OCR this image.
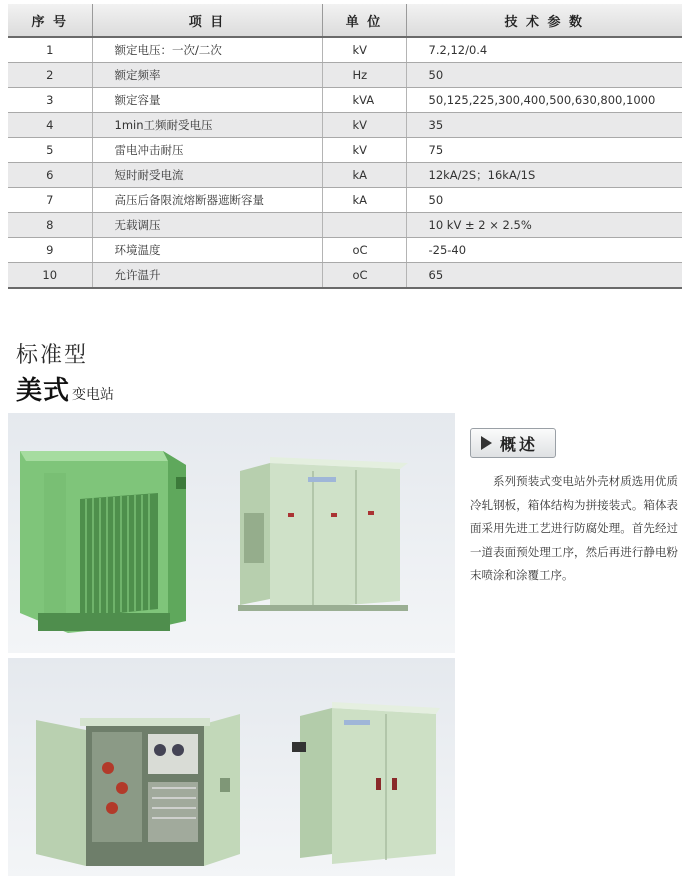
序 号	项 目	单 位	技 术 参 数
1	额定电压：一次/二次	kV	7.2,12/0.4
2	额定频率	Hz	50
3	额定容量	kVA	50,125,225,300,400,500,630,800,1000
4	1min工频耐受电压	kV	35
5	雷电冲击耐压	kV	75
6	短时耐受电流	kA	12kA/2S；16kA/1S
7	高压后备限流熔断器遮断容量	kA	50
8	无载调压		10 kV ± 2 × 2.5%
9	环境温度	oC	-25-40
10	允许温升	oC	65
标准型
美式 变电站
概述
系列预装式变电站外壳材质选用优质冷轧钢板，箱体结构为拼接装式。箱体表面采用先进工艺进行防腐处理。首先经过一道表面预处理工序，然后再进行静电粉末喷涂和涂覆工序。
